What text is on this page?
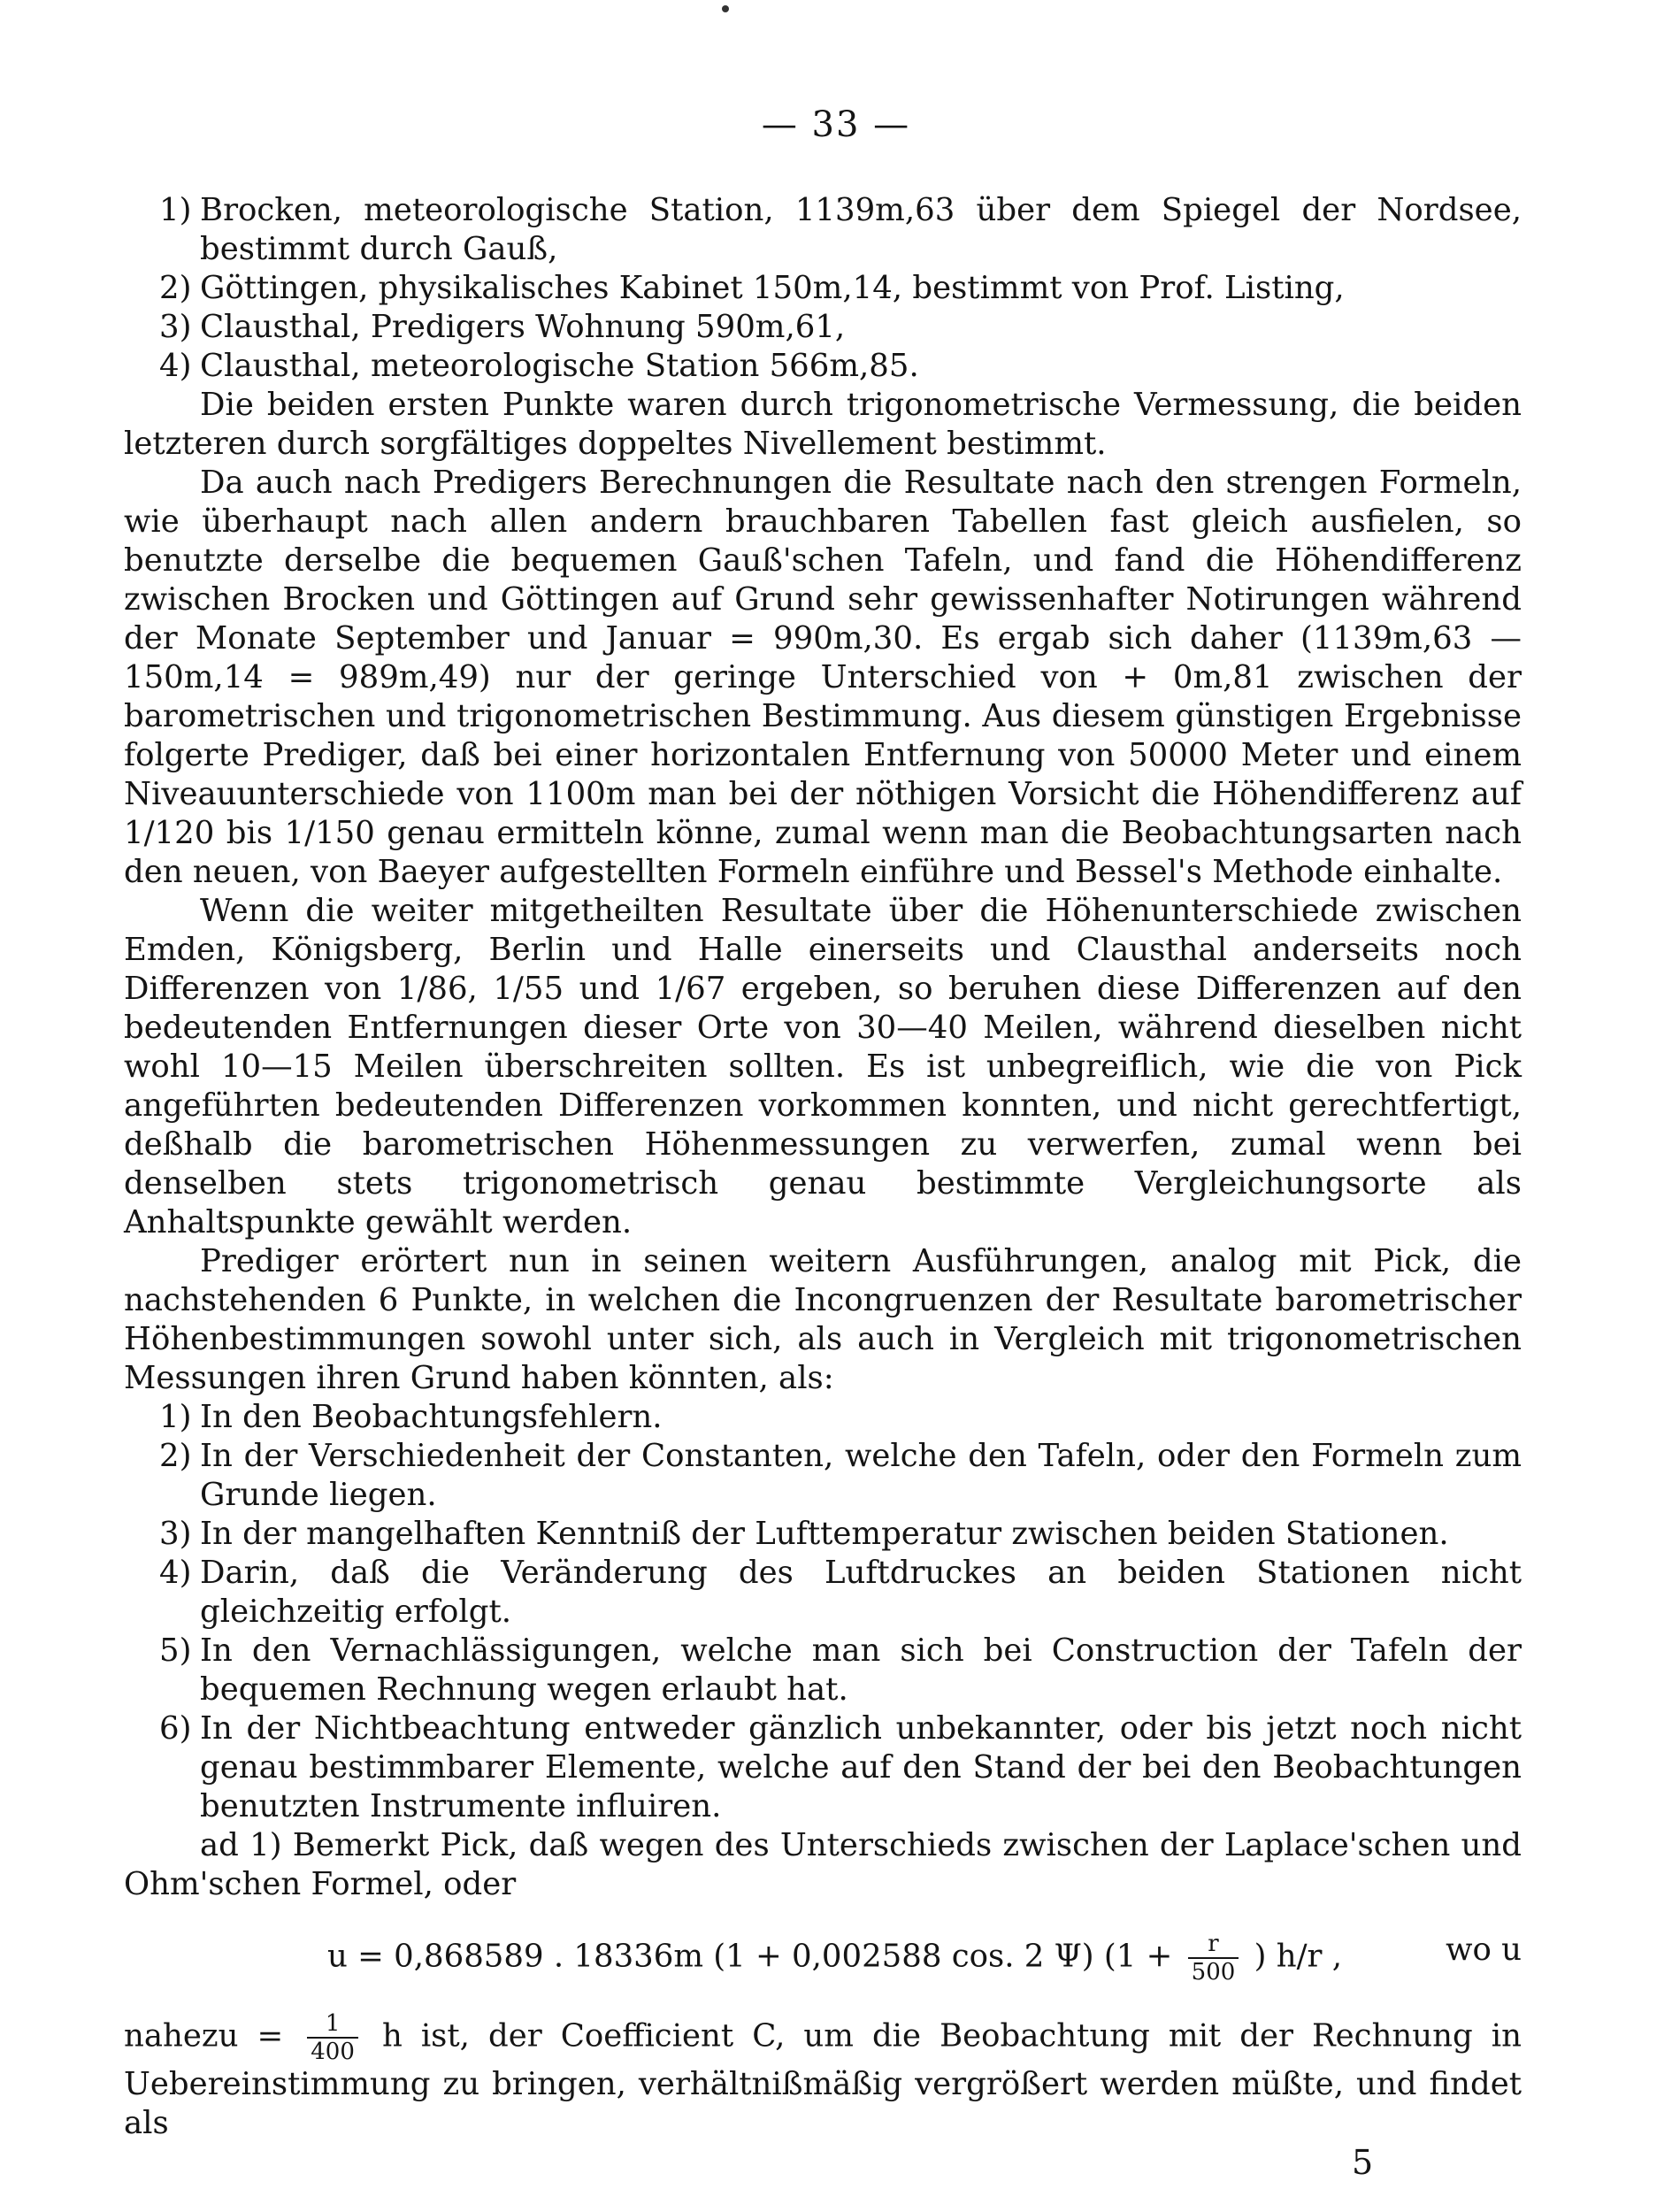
— 33 —
1) Brocken, meteorologische Station, 1139m,63 über dem Spiegel der Nordsee, bestimmt durch Gauß,
2) Göttingen, physikalisches Kabinet 150m,14, bestimmt von Prof. Listing,
3) Clausthal, Predigers Wohnung 590m,61,
4) Clausthal, meteorologische Station 566m,85.
Die beiden ersten Punkte waren durch trigonometrische Vermessung, die beiden letzteren durch sorgfältiges doppeltes Nivellement bestimmt.
Da auch nach Predigers Berechnungen die Resultate nach den strengen Formeln, wie überhaupt nach allen andern brauchbaren Tabellen fast gleich ausfielen, so benutzte derselbe die bequemen Gauß'schen Tafeln, und fand die Höhendifferenz zwischen Brocken und Göttingen auf Grund sehr gewissenhafter Notirungen während der Monate September und Januar = 990m,30. Es ergab sich daher (1139m,63 — 150m,14 = 989m,49) nur der geringe Unterschied von + 0m,81 zwischen der barometrischen und trigonometrischen Bestimmung. Aus diesem günstigen Ergebnisse folgerte Prediger, daß bei einer horizontalen Entfernung von 50000 Meter und einem Niveauunterschiede von 1100m man bei der nöthigen Vorsicht die Höhendifferenz auf 1/120 bis 1/150 genau ermitteln könne, zumal wenn man die Beobachtungsarten nach den neuen, von Baeyer aufgestellten Formeln einführe und Bessel's Methode einhalte.
Wenn die weiter mitgetheilten Resultate über die Höhenunterschiede zwischen Emden, Königsberg, Berlin und Halle einerseits und Clausthal anderseits noch Differenzen von 1/86, 1/55 und 1/67 ergeben, so beruhen diese Differenzen auf den bedeutenden Entfernungen dieser Orte von 30—40 Meilen, während dieselben nicht wohl 10—15 Meilen überschreiten sollten. Es ist unbegreiflich, wie die von Pick angeführten bedeutenden Differenzen vorkommen konnten, und nicht gerechtfertigt, deßhalb die barometrischen Höhenmessungen zu verwerfen, zumal wenn bei denselben stets trigonometrisch genau bestimmte Vergleichungsorte als Anhaltspunkte gewählt werden.
Prediger erörtert nun in seinen weitern Ausführungen, analog mit Pick, die nachstehenden 6 Punkte, in welchen die Incongruenzen der Resultate barometrischer Höhenbestimmungen sowohl unter sich, als auch in Vergleich mit trigonometrischen Messungen ihren Grund haben könnten, als:
1) In den Beobachtungsfehlern.
2) In der Verschiedenheit der Constanten, welche den Tafeln, oder den Formeln zum Grunde liegen.
3) In der mangelhaften Kenntniß der Lufttemperatur zwischen beiden Stationen.
4) Darin, daß die Veränderung des Luftdruckes an beiden Stationen nicht gleichzeitig erfolgt.
5) In den Vernachlässigungen, welche man sich bei Construction der Tafeln der bequemen Rechnung wegen erlaubt hat.
6) In der Nichtbeachtung entweder gänzlich unbekannter, oder bis jetzt noch nicht genau bestimmbarer Elemente, welche auf den Stand der bei den Beobachtungen benutzten Instrumente influiren.
ad 1) Bemerkt Pick, daß wegen des Unterschieds zwischen der Laplace'schen und Ohm'schen Formel, oder
u = 0,868589 . 18336m (1 + 0,002588 cos. 2 Ψ) ($1 + \frac{r}{500}$ ) h/r ,	wo u

nahezu = $\frac{1}{400}$ h ist, der Coefficient C, um die Beobachtung mit der Rechnung in Uebereinstimmung zu bringen, verhältnißmäßig vergrößert werden müßte, und findet als

5
